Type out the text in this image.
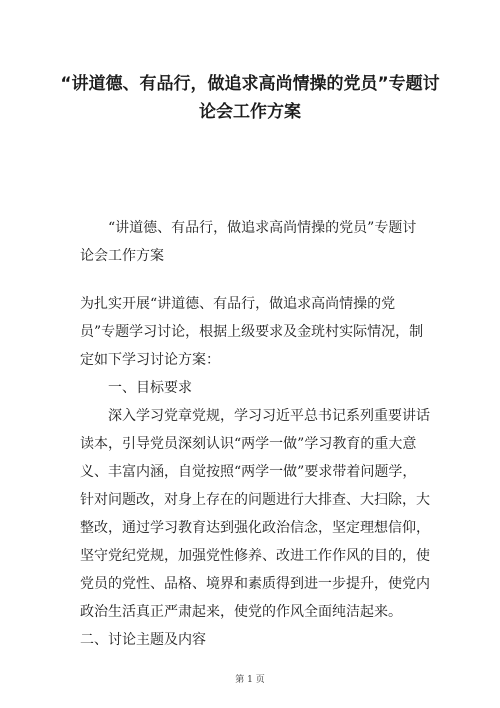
“讲道德、有品行，做追求高尚情操的党员”专题讨论会工作方案

“讲道德、有品行，做追求高尚情操的党员”专题讨论会工作方案

为扎实开展“讲道德、有品行，做追求高尚情操的党员”专题学习讨论，根据上级要求及金珖村实际情况，制定如下学习讨论方案：

一、目标要求

深入学习党章党规，学习习近平总书记系列重要讲话读本，引导党员深刻认识“两学一做”学习教育的重大意义、丰富内涵，自觉按照“两学一做”要求带着问题学，针对问题改，对身上存在的问题进行大排查、大扫除，大整改，通过学习教育达到强化政治信念，坚定理想信仰，坚守党纪党规，加强党性修养、改进工作作风的目的，使党员的党性、品格、境界和素质得到进一步提升，使党内政治生活真正严肃起来，使党的作风全面纯洁起来。

二、讨论主题及内容

第 1 页
